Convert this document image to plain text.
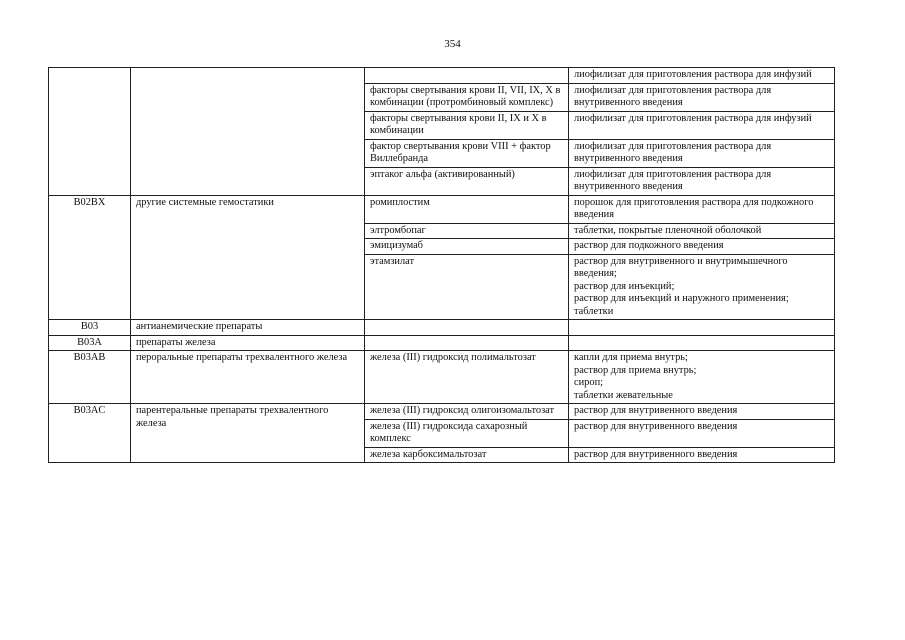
354

			лиофилизат для приготовления раствора для инфузий

		факторы свертывания крови II, VII, IX, X в комбинации (протромбиновый комплекс)	лиофилизат для приготовления раствора для внутривенного введения

		факторы свертывания крови II, IX и X в комбинации	лиофилизат для приготовления раствора для инфузий

		фактор свертывания крови VIII + фактор Виллебранда	лиофилизат для приготовления раствора для внутривенного введения

		эптаког альфа (активированный)	лиофилизат для приготовления раствора для внутривенного введения

B02BX	другие системные гемостатики	ромиплостим	порошок для приготовления раствора для подкожного введения

		элтромбопаг	таблетки, покрытые пленочной оболочкой

		эмицизумаб	раствор для подкожного введения

		этамзилат	раствор для внутривенного и внутримышечного введения;
раствор для инъекций;
раствор для инъекций и наружного применения;
таблетки

B03	антианемические препараты		
B03A	препараты железа		
B03AB	пероральные препараты трехвалентного железа	железа (III) гидроксид полимальтозат	капли для приема внутрь;
раствор для приема внутрь;
сироп;
таблетки жевательные

B03AC	парентеральные препараты трехвалентного железа	железа (III) гидроксид олигоизомальтозат	раствор для внутривенного введения

		железа (III) гидроксида сахарозный комплекс	раствор для внутривенного введения

		железа карбоксимальтозат	раствор для внутривенного введения
